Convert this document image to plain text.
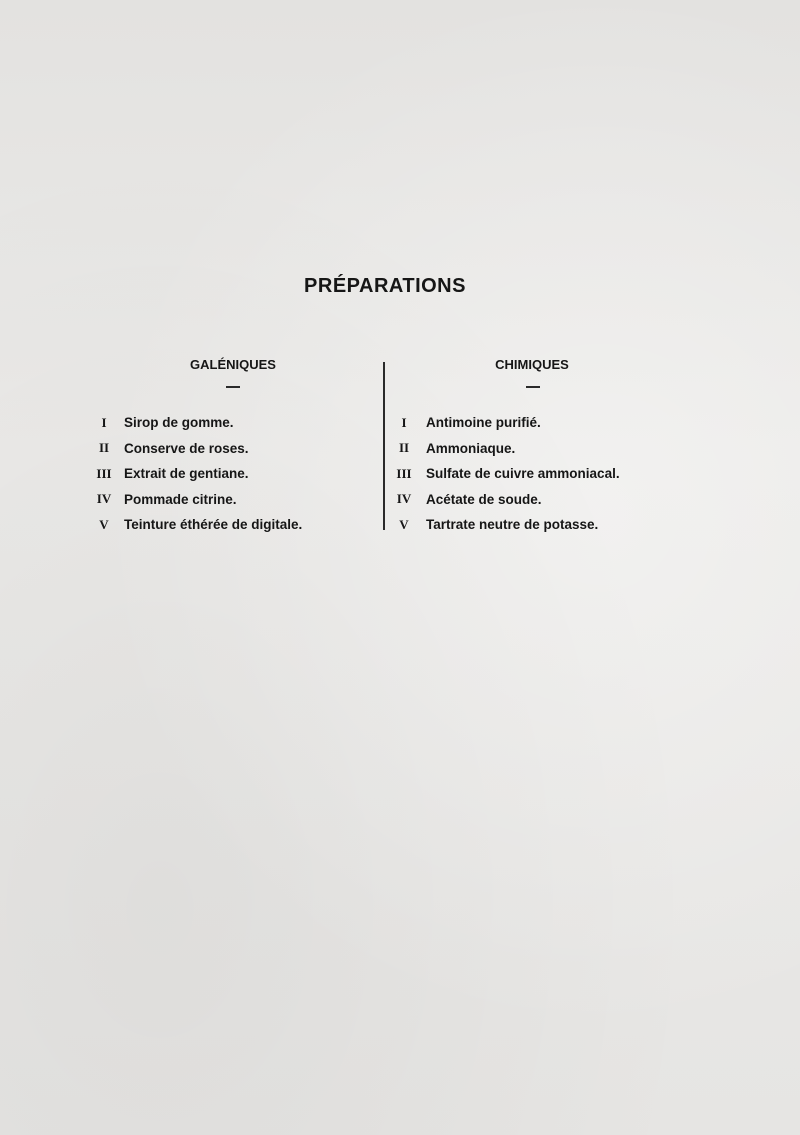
PRÉPARATIONS
GALÉNIQUES	CHIMIQUES
I	Sirop de gomme.
II	Conserve de roses.
III Extrait de gentiane.
IV Pommade citrine.
V	Teinture éthérée de digitale.
I	Antimoine purifié.
II	Ammoniaque.
III	Sulfate de cuivre ammoniacal.
IV	Acétate de soude.
V	Tartrate neutre de potasse.
